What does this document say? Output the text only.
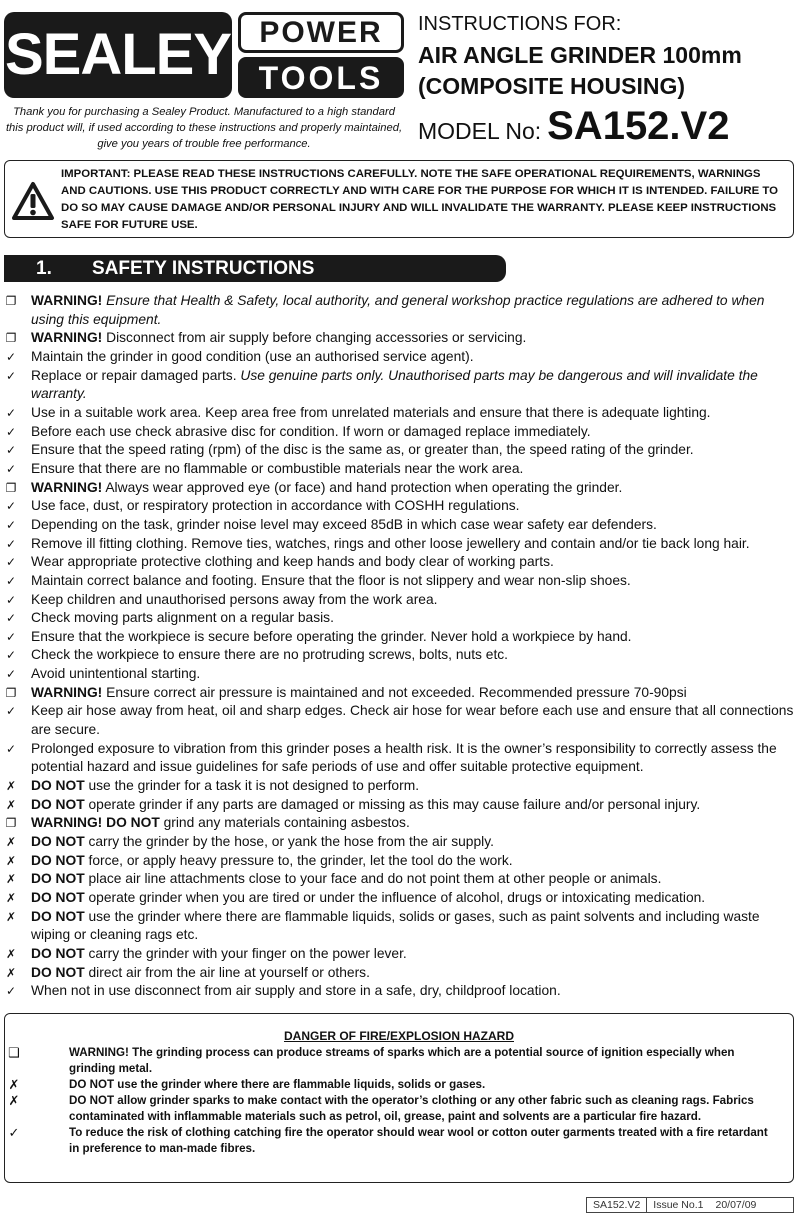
SEALEY POWER
TOOLS

Thank you for purchasing a Sealey Product. Manufactured to a high standard this product will, if used according to these instructions and properly maintained, give you years of trouble free performance.

INSTRUCTIONS FOR:
AIR ANGLE GRINDER 100mm
(COMPOSITE HOUSING)
MODEL No: SA152.V2
IMPORTANT: PLEASE READ THESE INSTRUCTIONS CAREFULLY. NOTE THE SAFE OPERATIONAL REQUIREMENTS, WARNINGS AND CAUTIONS. USE THIS PRODUCT CORRECTLY AND WITH CARE FOR THE PURPOSE FOR WHICH IT IS INTENDED. FAILURE TO DO SO MAY CAUSE DAMAGE AND/OR PERSONAL INJURY AND WILL INVALIDATE THE WARRANTY. PLEASE KEEP INSTRUCTIONS SAFE FOR FUTURE USE.
1. SAFETY INSTRUCTIONS
❐ WARNING! Ensure that Health & Safety, local authority, and general workshop practice regulations are adhered to when using this equipment.
❐ WARNING! Disconnect from air supply before changing accessories or servicing.
✓ Maintain the grinder in good condition (use an authorised service agent).
✓ Replace or repair damaged parts. Use genuine parts only. Unauthorised parts may be dangerous and will invalidate the warranty.
✓ Use in a suitable work area. Keep area free from unrelated materials and ensure that there is adequate lighting.
✓ Before each use check abrasive disc for condition. If worn or damaged replace immediately.
✓ Ensure that the speed rating (rpm) of the disc is the same as, or greater than, the speed rating of the grinder.
✓ Ensure that there are no flammable or combustible materials near the work area.
❐ WARNING! Always wear approved eye (or face) and hand protection when operating the grinder.
✓ Use face, dust, or respiratory protection in accordance with COSHH regulations.
✓ Depending on the task, grinder noise level may exceed 85dB in which case wear safety ear defenders.
✓ Remove ill fitting clothing. Remove ties, watches, rings and other loose jewellery and contain and/or tie back long hair.
✓ Wear appropriate protective clothing and keep hands and body clear of working parts.
✓ Maintain correct balance and footing. Ensure that the floor is not slippery and wear non-slip shoes.
✓ Keep children and unauthorised persons away from the work area.
✓ Check moving parts alignment on a regular basis.
✓ Ensure that the workpiece is secure before operating the grinder. Never hold a workpiece by hand.
✓ Check the workpiece to ensure there are no protruding screws, bolts, nuts etc.
✓ Avoid unintentional starting.
❐ WARNING! Ensure correct air pressure is maintained and not exceeded. Recommended pressure 70-90psi
✓ Keep air hose away from heat, oil and sharp edges. Check air hose for wear before each use and ensure that all connections are secure.
✓ Prolonged exposure to vibration from this grinder poses a health risk. It is the owner’s responsibility to correctly assess the potential hazard and issue guidelines for safe periods of use and offer suitable protective equipment.
✗ DO NOT use the grinder for a task it is not designed to perform.
✗ DO NOT operate grinder if any parts are damaged or missing as this may cause failure and/or personal injury.
❐ WARNING! DO NOT grind any materials containing asbestos.
✗ DO NOT carry the grinder by the hose, or yank the hose from the air supply.
✗ DO NOT force, or apply heavy pressure to, the grinder, let the tool do the work.
✗ DO NOT place air line attachments close to your face and do not point them at other people or animals.
✗ DO NOT operate grinder when you are tired or under the influence of alcohol, drugs or intoxicating medication.
✗ DO NOT use the grinder where there are flammable liquids, solids or gases, such as paint solvents and including waste wiping or cleaning rags etc.
✗ DO NOT carry the grinder with your finger on the power lever.
✗ DO NOT direct air from the air line at yourself or others.
✓ When not in use disconnect from air supply and store in a safe, dry, childproof location.
DANGER OF FIRE/EXPLOSION HAZARD
❑	WARNING! The grinding process can produce streams of sparks which are a potential source of ignition especially when grinding metal.
✗	DO NOT use the grinder where there are flammable liquids, solids or gases.
✗	DO NOT allow grinder sparks to make contact with the operator’s clothing or any other fabric such as cleaning rags. Fabrics contaminated with inflammable materials such as petrol, oil, grease, paint and solvents are a particular fire hazard.
✓	To reduce the risk of clothing catching fire the operator should wear wool or cotton outer garments treated with a fire retardant in preference to man-made fibres.
SA152.V2	Issue No.1	20/07/09
